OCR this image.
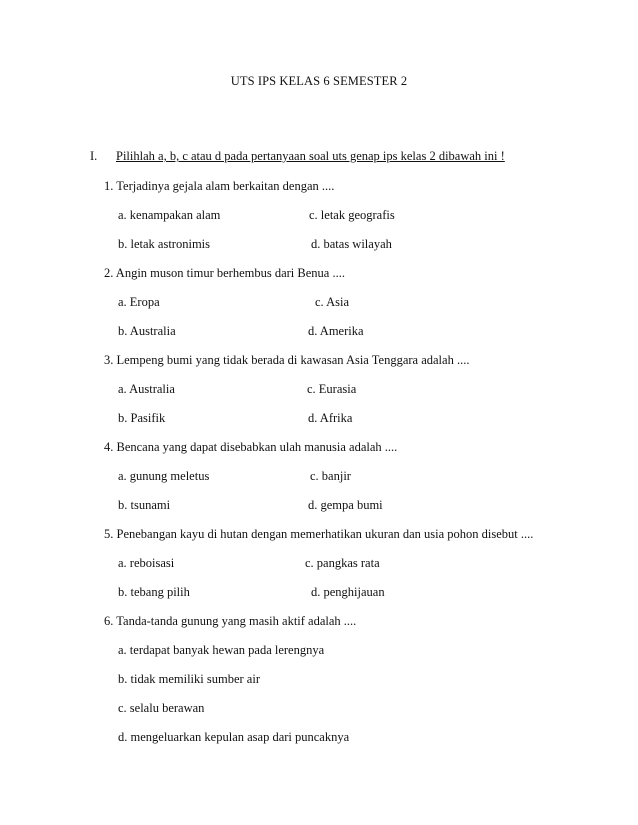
UTS IPS KELAS 6 SEMESTER 2
I. Pilihlah a, b, c atau d pada pertanyaan soal uts genap ips kelas 2 dibawah ini !
1. Terjadinya gejala alam berkaitan dengan ....
a. kenampakan alam	c. letak geografis
b. letak astronimis	d. batas wilayah
2. Angin muson timur berhembus dari Benua ....
a. Eropa	c. Asia
b. Australia	d. Amerika
3. Lempeng bumi yang tidak berada di kawasan Asia Tenggara adalah ....
a. Australia	c. Eurasia
b. Pasifik	d. Afrika
4. Bencana yang dapat disebabkan ulah manusia adalah ....
a. gunung meletus	c. banjir
b. tsunami	d. gempa bumi
5. Penebangan kayu di hutan dengan memerhatikan ukuran dan usia pohon disebut ....
a. reboisasi	c. pangkas rata
b. tebang pilih	d. penghijauan
6. Tanda-tanda gunung yang masih aktif adalah ....
a. terdapat banyak hewan pada lerengnya
b. tidak memiliki sumber air
c. selalu berawan
d. mengeluarkan kepulan asap dari puncaknya
